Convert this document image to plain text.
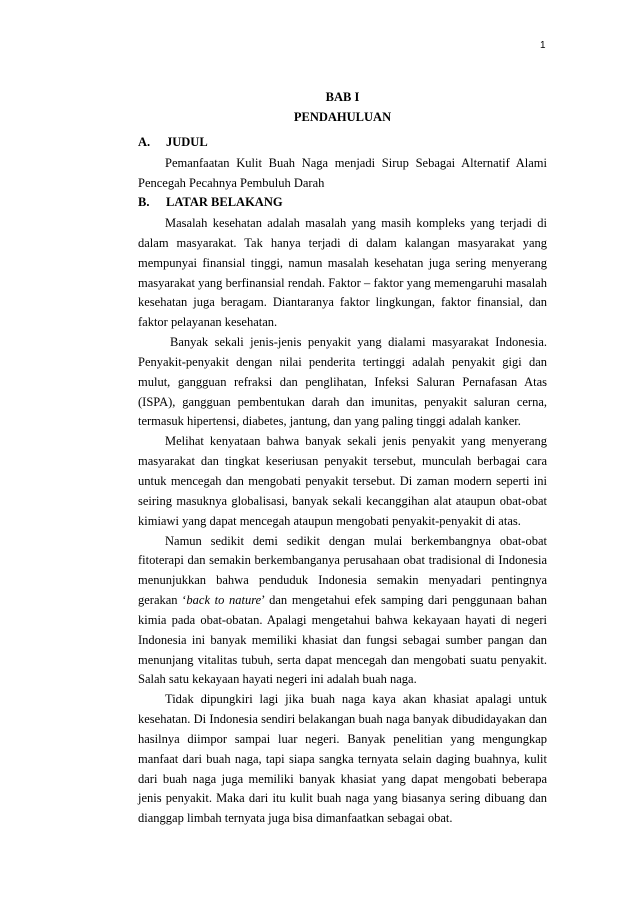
1
BAB I
PENDAHULUAN
A. JUDUL

Pemanfaatan Kulit Buah Naga menjadi Sirup Sebagai Alternatif Alami Pencegah Pecahnya Pembuluh Darah

B. LATAR BELAKANG

Masalah kesehatan adalah masalah yang masih kompleks yang terjadi di dalam masyarakat. Tak hanya terjadi di dalam kalangan masyarakat yang mempunyai finansial tinggi, namun masalah kesehatan juga sering menyerang masyarakat yang berfinansial rendah. Faktor – faktor yang memengaruhi masalah kesehatan juga beragam. Diantaranya faktor lingkungan, faktor finansial, dan faktor pelayanan kesehatan.

Banyak sekali jenis-jenis penyakit yang dialami masyarakat Indonesia. Penyakit-penyakit dengan nilai penderita tertinggi adalah penyakit gigi dan mulut, gangguan refraksi dan penglihatan, Infeksi Saluran Pernafasan Atas (ISPA), gangguan pembentukan darah dan imunitas, penyakit saluran cerna, termasuk hipertensi, diabetes, jantung, dan yang paling tinggi adalah kanker.

Melihat kenyataan bahwa banyak sekali jenis penyakit yang menyerang masyarakat dan tingkat keseriusan penyakit tersebut, munculah berbagai cara untuk mencegah dan mengobati penyakit tersebut. Di zaman modern seperti ini seiring masuknya globalisasi, banyak sekali kecanggihan alat ataupun obat-obat kimiawi yang dapat mencegah ataupun mengobati penyakit-penyakit di atas.

Namun sedikit demi sedikit dengan mulai berkembangnya obat-obat fitoterapi dan semakin berkembanganya perusahaan obat tradisional di Indonesia menunjukkan bahwa penduduk Indonesia semakin menyadari pentingnya gerakan ‘back to nature’ dan mengetahui efek samping dari penggunaan bahan kimia pada obat-obatan. Apalagi mengetahui bahwa kekayaan hayati di negeri Indonesia ini banyak memiliki khasiat dan fungsi sebagai sumber pangan dan menunjang vitalitas tubuh, serta dapat mencegah dan mengobati suatu penyakit. Salah satu kekayaan hayati negeri ini adalah buah naga.

Tidak dipungkiri lagi jika buah naga kaya akan khasiat apalagi untuk kesehatan. Di Indonesia sendiri belakangan buah naga banyak dibudidayakan dan hasilnya diimpor sampai luar negeri. Banyak penelitian yang mengungkap manfaat dari buah naga, tapi siapa sangka ternyata selain daging buahnya, kulit dari buah naga juga memiliki banyak khasiat yang dapat mengobati beberapa jenis penyakit. Maka dari itu kulit buah naga yang biasanya sering dibuang dan dianggap limbah ternyata juga bisa dimanfaatkan sebagai obat.
